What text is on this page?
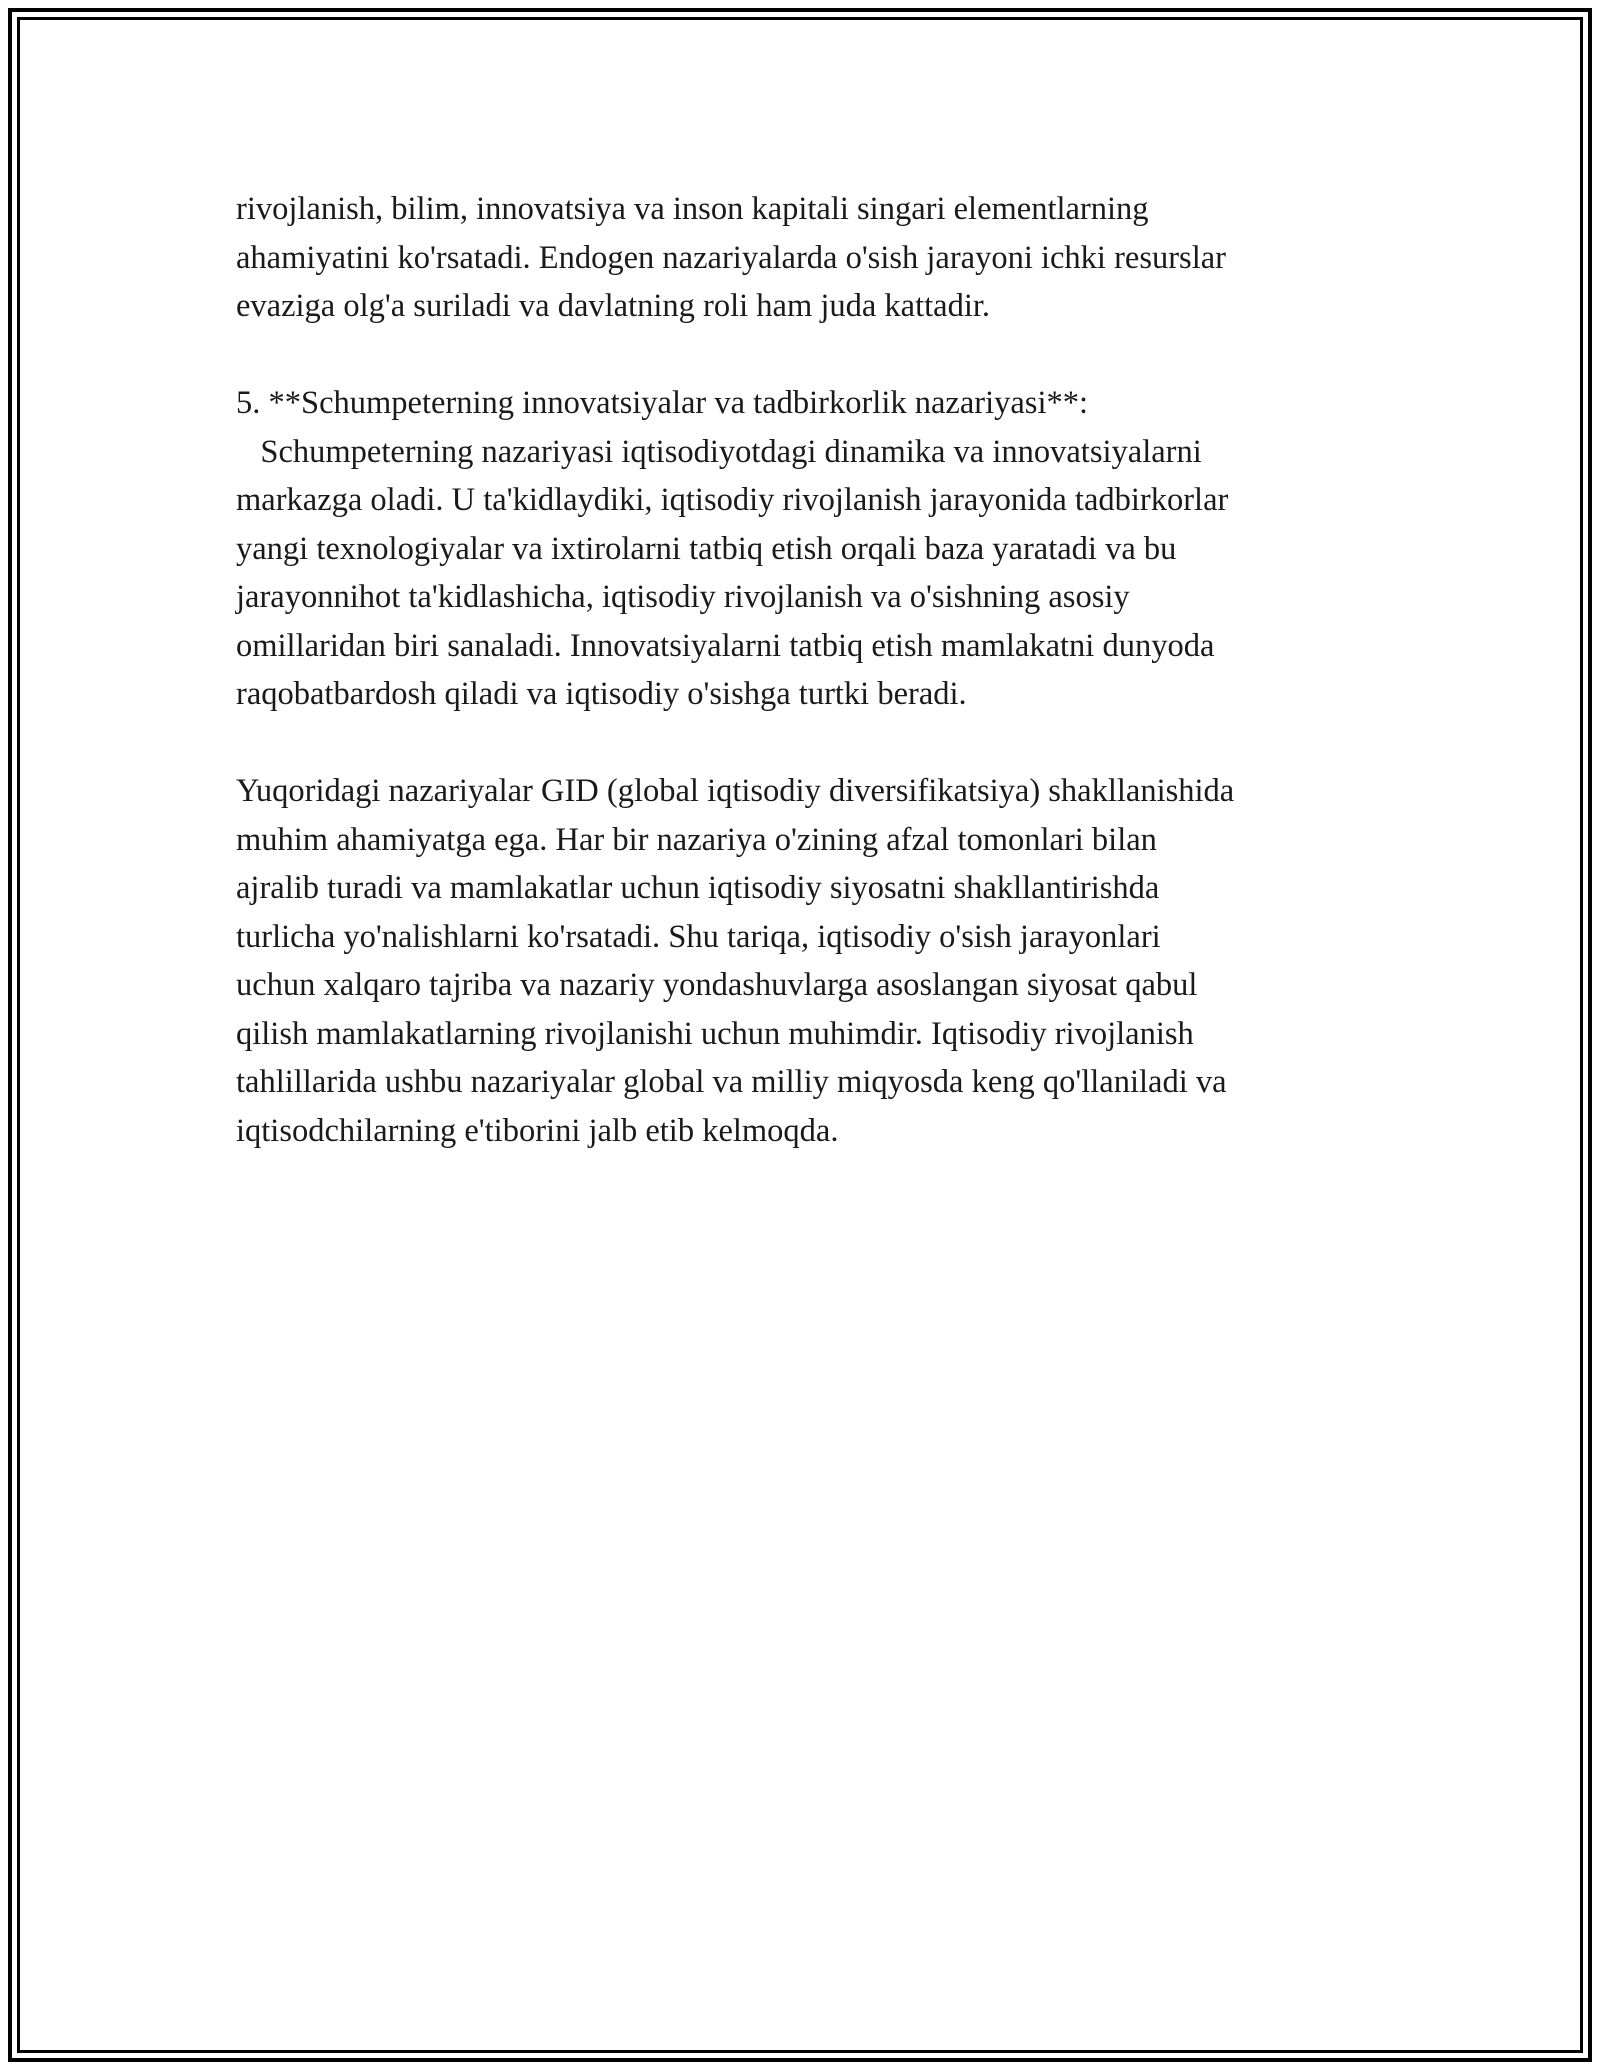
rivojlanish, bilim, innovatsiya va inson kapitali singari elementlarning
ahamiyatini ko'rsatadi. Endogen nazariyalarda o'sish jarayoni ichki resurslar
evaziga olg'a suriladi va davlatning roli ham juda kattadir.

5. **Schumpeterning innovatsiyalar va tadbirkorlik nazariyasi**:

Schumpeterning nazariyasi iqtisodiyotdagi dinamika va innovatsiyalarni
markazga oladi. U ta'kidlaydiki, iqtisodiy rivojlanish jarayonida tadbirkorlar
yangi texnologiyalar va ixtirolarni tatbiq etish orqali baza yaratadi va bu
jarayonnihot ta'kidlashicha, iqtisodiy rivojlanish va o'sishning asosiy
omillaridan biri sanaladi. Innovatsiyalarni tatbiq etish mamlakatni dunyoda
raqobatbardosh qiladi va iqtisodiy o'sishga turtki beradi.

Yuqoridagi nazariyalar GID (global iqtisodiy diversifikatsiya) shakllanishida
muhim ahamiyatga ega. Har bir nazariya o'zining afzal tomonlari bilan
ajralib turadi va mamlakatlar uchun iqtisodiy siyosatni shakllantirishda
turlicha yo'nalishlarni ko'rsatadi. Shu tariqa, iqtisodiy o'sish jarayonlari
uchun xalqaro tajriba va nazariy yondashuvlarga asoslangan siyosat qabul
qilish mamlakatlarning rivojlanishi uchun muhimdir. Iqtisodiy rivojlanish
tahlillarida ushbu nazariyalar global va milliy miqyosda keng qo'llaniladi va
iqtisodchilarning e'tiborini jalb etib kelmoqda.
